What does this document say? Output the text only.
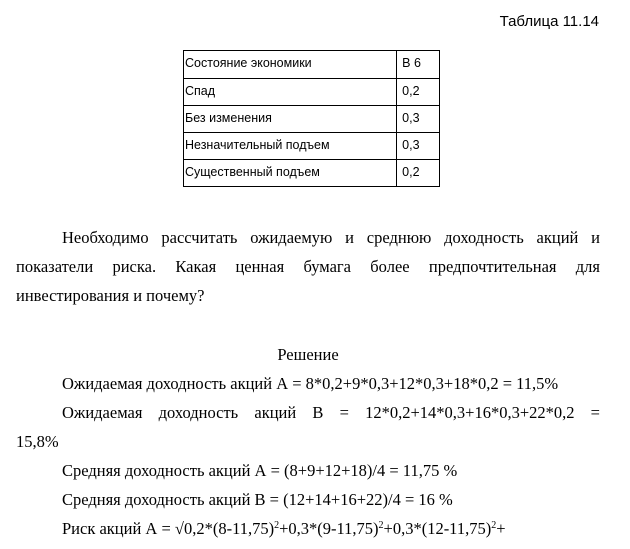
Таблица 11.14
Состояние экономики	В 6
Спад	0,2
Без изменения	0,3
Незначительный подъем	0,3
Существенный подъем	0,2

Необходимо рассчитать ожидаемую и среднюю доходность акций и показатели риска. Какая ценная бумага более предпочтительная для инвестирования и почему?

Решение

Ожидаемая доходность акций А = 8*0,2+9*0,3+12*0,3+18*0,2 = 11,5%

Ожидаемая доходность акций В = 12*0,2+14*0,3+16*0,3+22*0,2 =

15,8%

Средняя доходность акций А = (8+9+12+18)/4 = 11,75 %

Средняя доходность акций В = (12+14+16+22)/4 = 16 %

Риск акций $А = √0,2*(8-11,75)^2+0,3*(9-11,75)^2+0,3*(12-11,75)^2+$
